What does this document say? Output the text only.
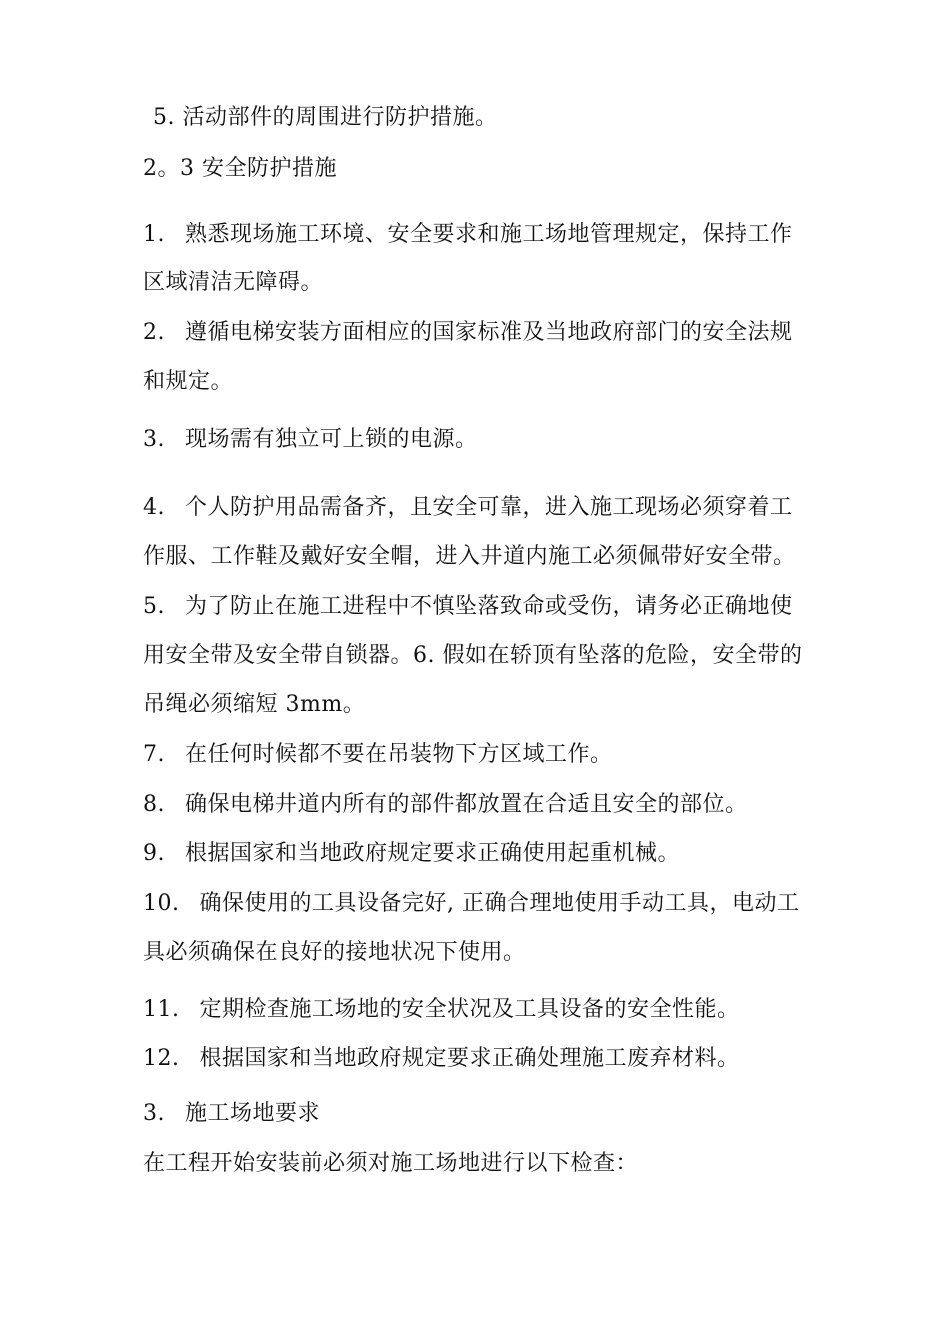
5. 活动部件的周围进行防护措施。
2。3 安全防护措施
1. 熟悉现场施工环境、安全要求和施工场地管理规定，保持工作
区域清洁无障碍。
2. 遵循电梯安装方面相应的国家标准及当地政府部门的安全法规
和规定。
3. 现场需有独立可上锁的电源。
4. 个人防护用品需备齐，且安全可靠，进入施工现场必须穿着工
作服、工作鞋及戴好安全帽，进入井道内施工必须佩带好安全带。
5. 为了防止在施工进程中不慎坠落致命或受伤，请务必正确地使
用安全带及安全带自锁器。6. 假如在轿顶有坠落的危险，安全带的
吊绳必须缩短 3mm。
7. 在任何时候都不要在吊装物下方区域工作。
8. 确保电梯井道内所有的部件都放置在合适且安全的部位。
9. 根据国家和当地政府规定要求正确使用起重机械。
10. 确保使用的工具设备完好, 正确合理地使用手动工具，电动工
具必须确保在良好的接地状况下使用。
11. 定期检查施工场地的安全状况及工具设备的安全性能。
12. 根据国家和当地政府规定要求正确处理施工废弃材料。
3. 施工场地要求
在工程开始安装前必须对施工场地进行以下检查：
